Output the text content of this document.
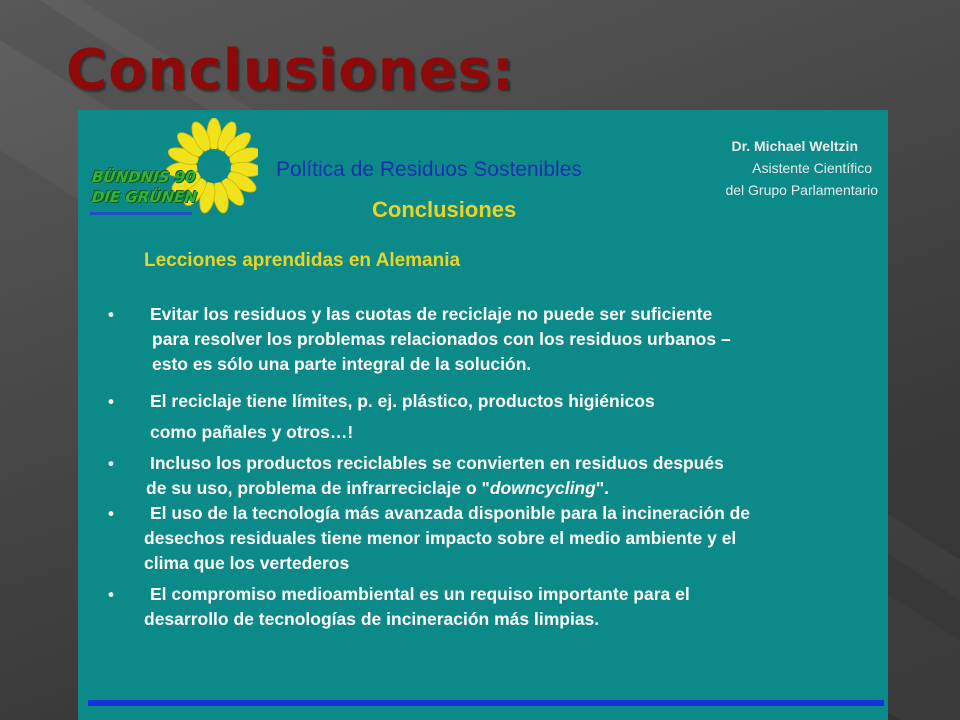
Conclusiones:
BÜNDNIS 90
DIE GRÜNEN
Política de Residuos Sostenibles
Conclusiones
Dr. Michael Weltzin
Asistente Científico
del Grupo Parlamentario
Lecciones aprendidas en Alemania
• Evitar los residuos y las cuotas de reciclaje no puede ser suficiente
para resolver los problemas relacionados con los residuos urbanos –
esto es sólo una parte integral de la solución.
• El reciclaje tiene límites, p. ej. plástico, productos higiénicos
como pañales y otros…!
• Incluso los productos reciclables se convierten en residuos después
de su uso, problema de infrarreciclaje o "downcycling".
• El uso de la tecnología más avanzada disponible para la incineración de
desechos residuales tiene menor impacto sobre el medio ambiente y el
clima que los vertederos
• El compromiso medioambiental es un requiso importante para el
desarrollo de tecnologías de incineración más limpias.
